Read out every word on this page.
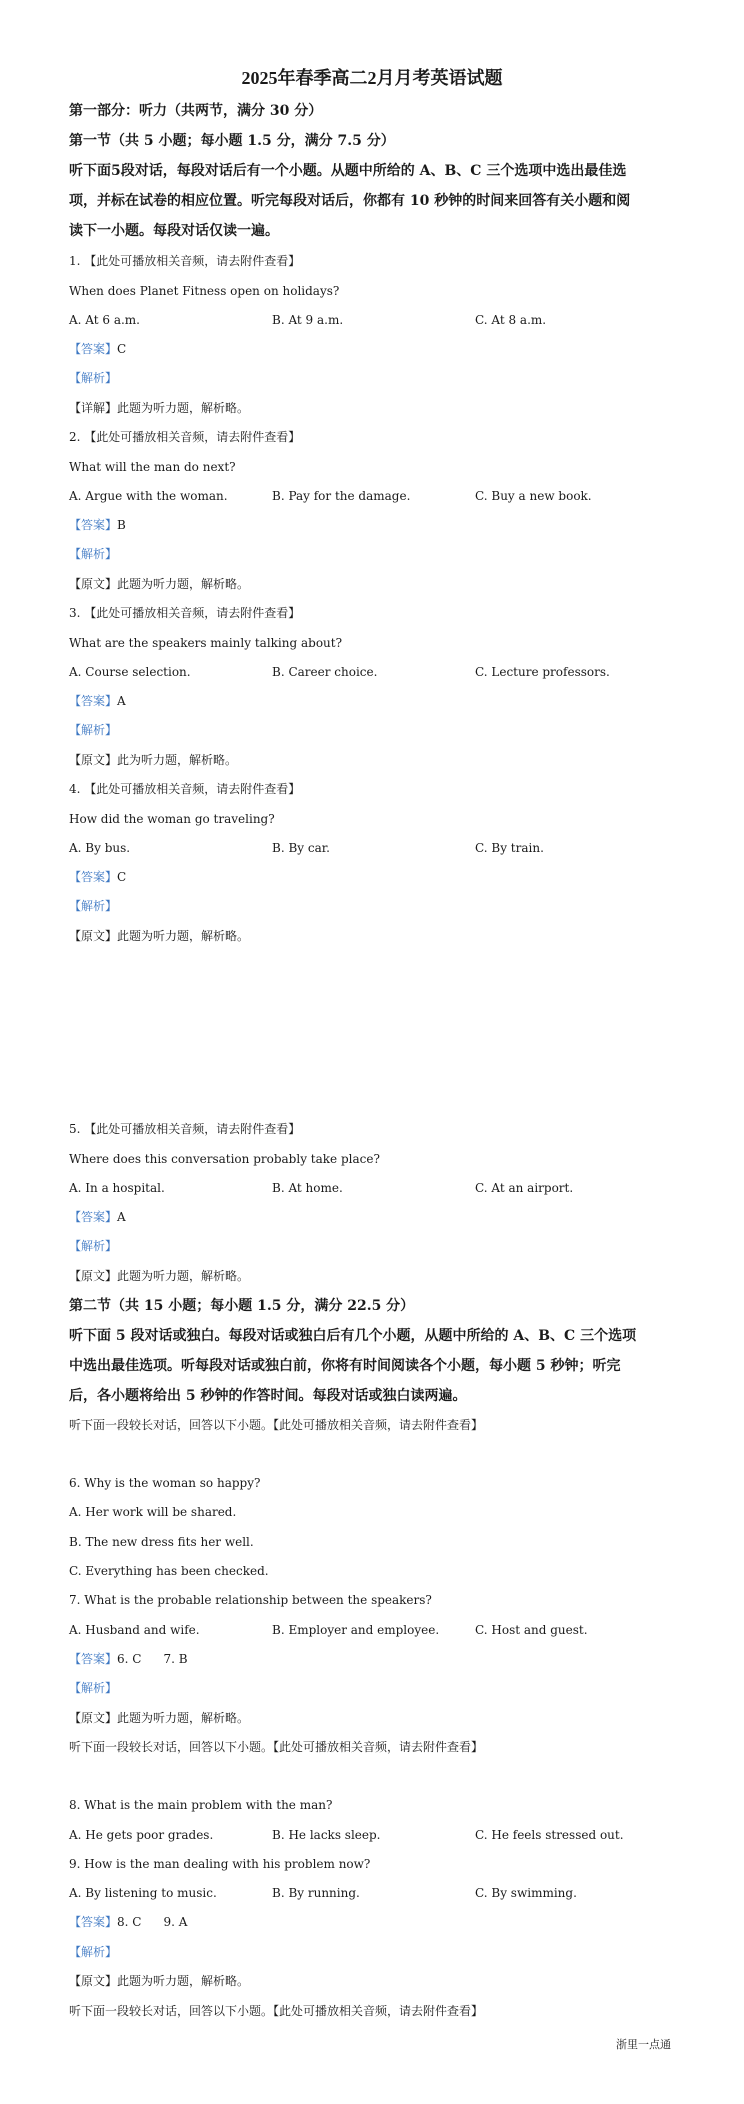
2025年春季高二2月月考英语试题
第一部分：听力（共两节，满分 30 分）
第一节（共 5 小题；每小题 1.5 分，满分 7.5 分）
听下面5段对话，每段对话后有一个小题。从题中所给的 A、B、C 三个选项中选出最佳选
项，并标在试卷的相应位置。听完每段对话后，你都有 10 秒钟的时间来回答有关小题和阅
读下一小题。每段对话仅读一遍。
1. 【此处可播放相关音频，请去附件查看】
When does Planet Fitness open on holidays?
A. At 6 a.m.	B. At 9 a.m.	C. At 8 a.m.
【答案】C
【解析】
【详解】此题为听力题，解析略。
2. 【此处可播放相关音频，请去附件查看】
What will the man do next?
A. Argue with the woman.	B. Pay for the damage.	C. Buy a new book.
【答案】B
【解析】
【原文】此题为听力题，解析略。
3. 【此处可播放相关音频，请去附件查看】
What are the speakers mainly talking about?
A. Course selection.	B. Career choice.	C. Lecture professors.
【答案】A
【解析】
【原文】此为听力题，解析略。
4. 【此处可播放相关音频，请去附件查看】
How did the woman go traveling?
A. By bus.	B. By car.	C. By train.
【答案】C
【解析】
【原文】此题为听力题，解析略。
5. 【此处可播放相关音频，请去附件查看】
Where does this conversation probably take place?
A. In a hospital.	B. At home.	C. At an airport.
【答案】A
【解析】
【原文】此题为听力题，解析略。
第二节（共 15 小题；每小题 1.5 分，满分 22.5 分）
听下面 5 段对话或独白。每段对话或独白后有几个小题，从题中所给的 A、B、C 三个选项
中选出最佳选项。听每段对话或独白前，你将有时间阅读各个小题，每小题 5 秒钟；听完
后，各小题将给出 5 秒钟的作答时间。每段对话或独白读两遍。
听下面一段较长对话，回答以下小题。【此处可播放相关音频，请去附件查看】
6. Why is the woman so happy?
A. Her work will be shared.
B. The new dress fits her well.
C. Everything has been checked.
7. What is the probable relationship between the speakers?
A. Husband and wife.	B. Employer and employee.	C. Host and guest.
【答案】6. C 7. B
【解析】
【原文】此题为听力题，解析略。
听下面一段较长对话，回答以下小题。【此处可播放相关音频，请去附件查看】
8. What is the main problem with the man?
A. He gets poor grades.	B. He lacks sleep.	C. He feels stressed out.
9. How is the man dealing with his problem now?
A. By listening to music.	B. By running.	C. By swimming.
【答案】8. C 9. A
【解析】
【原文】此题为听力题，解析略。
听下面一段较长对话，回答以下小题。【此处可播放相关音频，请去附件查看】
浙里一点通
